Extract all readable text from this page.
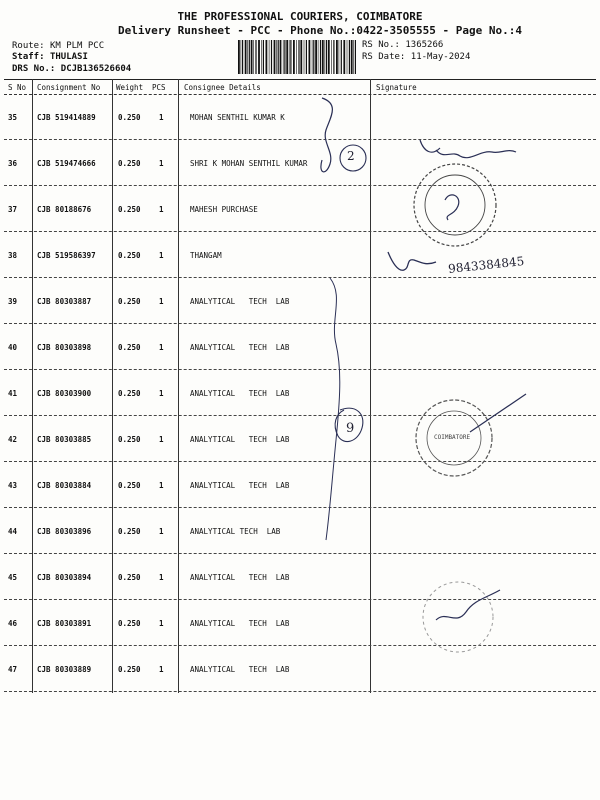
THE PROFESSIONAL COURIERS, COIMBATORE
Delivery Runsheet - PCC - Phone No.:0422-3505555 - Page No.:4
Route: KM PLM PCC
Staff: THULASI
DRS No.: DCJB136526604
RS No.: 1365266
RS Date: 11-May-2024
S No Consignment No Weight PCS Consignee Details	Signature
35	CJB 519414889	0.250 1	MOHAN SENTHIL KUMAR K
36	CJB 519474666	0.250 1	SHRI K MOHAN SENTHIL KUMAR
37	CJB 80188676	0.250 1	MAHESH PURCHASE
38	CJB 519586397	0.250 1	THANGAM
39	CJB 80303887	0.250 1	ANALYTICAL   TECH  LAB
40	CJB 80303898	0.250 1	ANALYTICAL   TECH  LAB
41	CJB 80303900	0.250 1	ANALYTICAL   TECH  LAB
42	CJB 80303885	0.250 1	ANALYTICAL   TECH  LAB
43	CJB 80303884	0.250 1	ANALYTICAL   TECH  LAB
44	CJB 80303896	0.250 1	ANALYTICAL TECH  LAB
45	CJB 80303894	0.250 1	ANALYTICAL   TECH  LAB
46	CJB 80303891	0.250 1	ANALYTICAL   TECH  LAB
47	CJB 80303889	0.250 1	ANALYTICAL   TECH  LAB
2
9
9843384845
COIMBATORE
